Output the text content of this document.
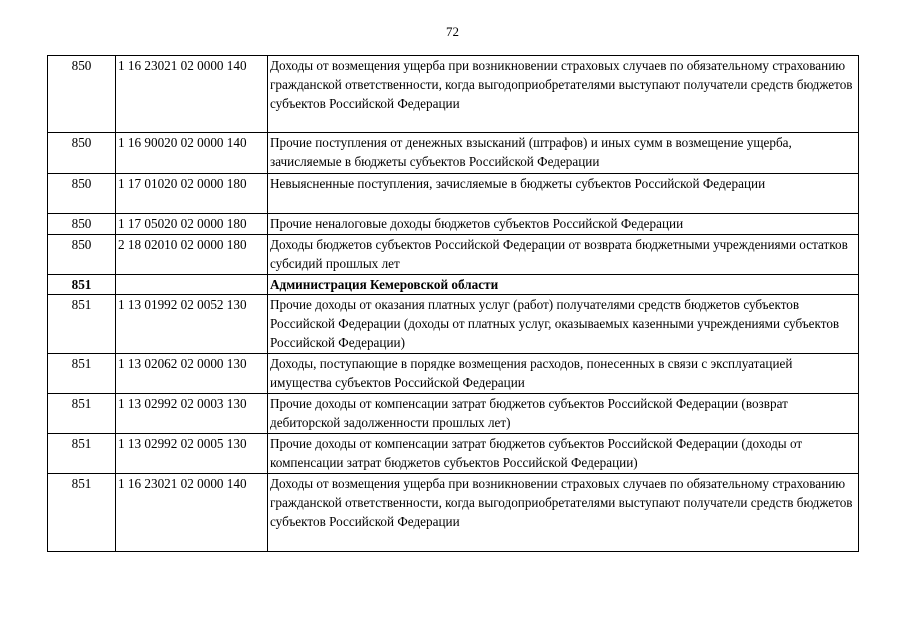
72
850	1 16 23021 02 0000 140	Доходы от возмещения ущерба при возникновении страховых случаев по обязательному страхованию гражданской ответственности, когда выгодоприобретателями выступают получатели средств бюджетов субъектов Российской Федерации
850	1 16 90020 02 0000 140	Прочие поступления от денежных взысканий (штрафов) и иных сумм в возмещение ущерба, зачисляемые в бюджеты субъектов Российской Федерации
850	1 17 01020 02 0000 180	Невыясненные поступления, зачисляемые в бюджеты субъектов Российской Федерации
850	1 17 05020 02 0000 180	Прочие неналоговые доходы бюджетов субъектов Российской Федерации
850	2 18 02010 02 0000 180	Доходы бюджетов субъектов Российской Федерации от возврата бюджетными учреждениями остатков субсидий прошлых лет
851		Администрация Кемеровской области
851	1 13 01992 02 0052 130	Прочие доходы от оказания платных услуг (работ) получателями средств бюджетов субъектов Российской Федерации (доходы от платных услуг, оказываемых казенными учреждениями субъектов Российской Федерации)
851	1 13 02062 02 0000 130	Доходы, поступающие в порядке возмещения расходов, понесенных в связи с эксплуатацией имущества субъектов Российской Федерации
851	1 13 02992 02 0003 130	Прочие доходы от компенсации затрат бюджетов субъектов Российской Федерации (возврат дебиторской задолженности прошлых лет)
851	1 13 02992 02 0005 130	Прочие доходы от компенсации затрат бюджетов субъектов Российской Федерации (доходы от компенсации затрат бюджетов субъектов Российской Федерации)
851	1 16 23021 02 0000 140	Доходы от возмещения ущерба при возникновении страховых случаев по обязательному страхованию гражданской ответственности, когда выгодоприобретателями выступают получатели средств бюджетов субъектов Российской Федерации
